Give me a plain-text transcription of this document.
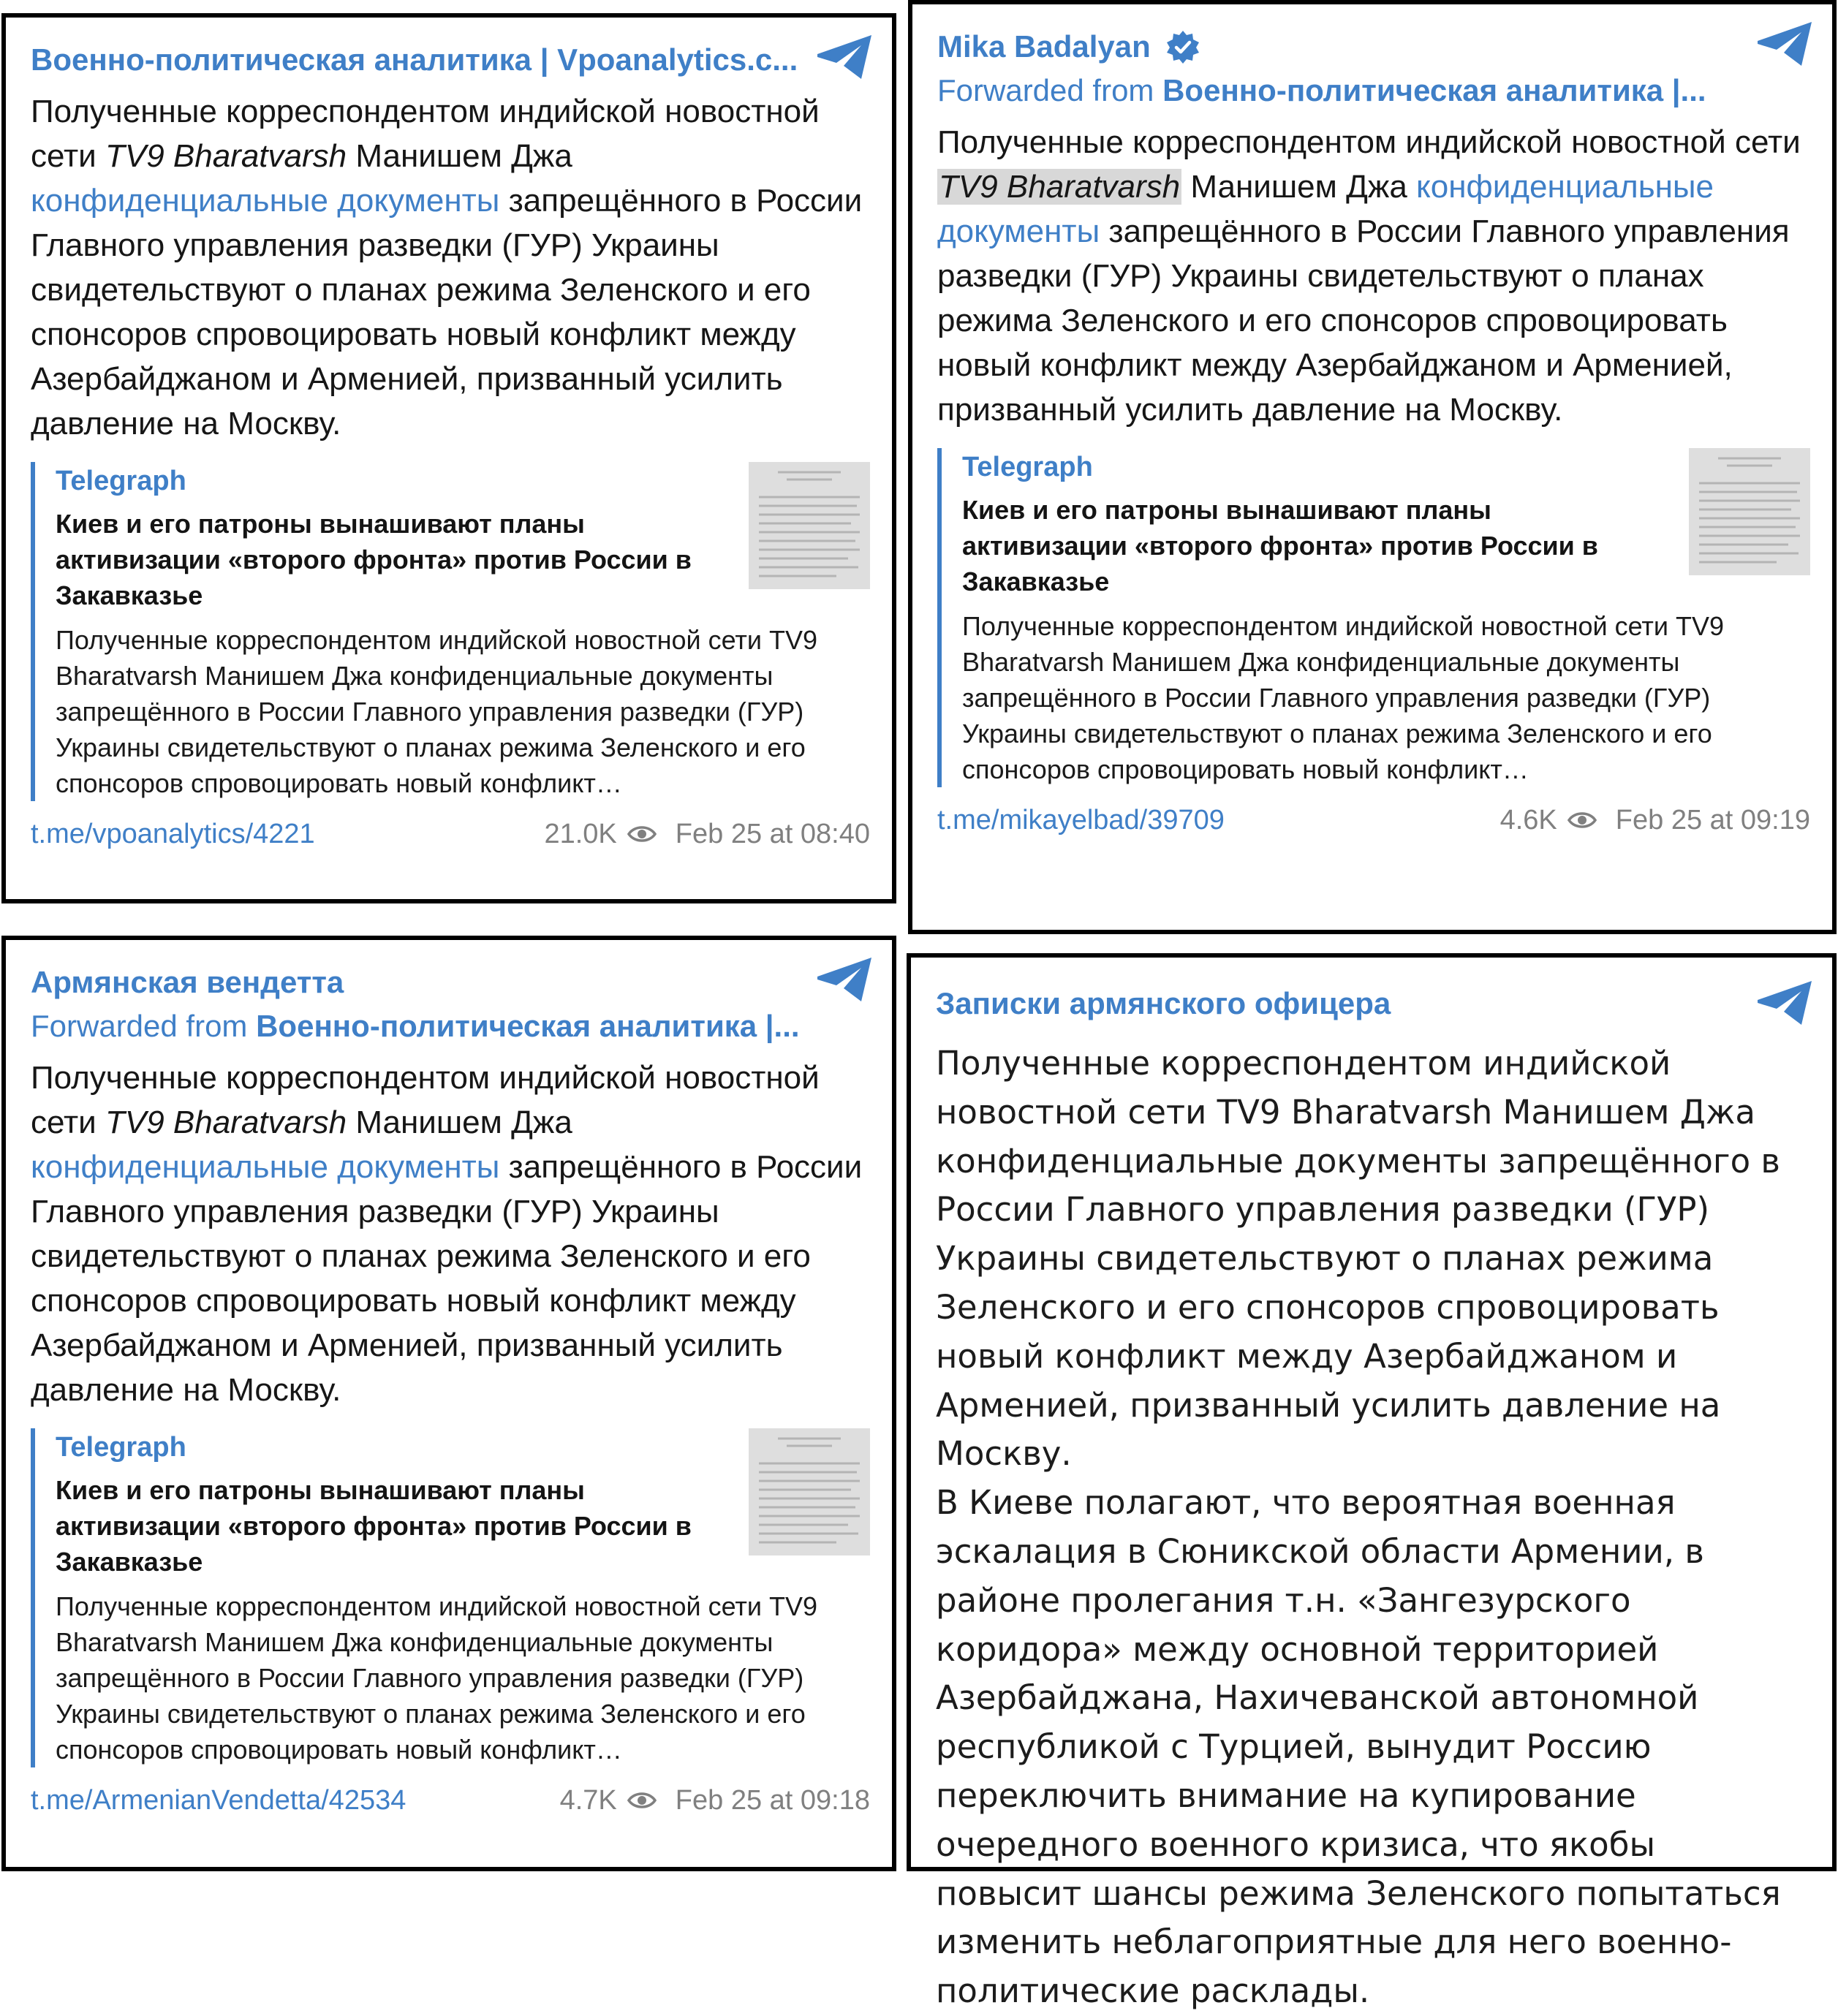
Военно-политическая аналитика | Vpoanalytics.c...
Полученные корреспондентом индийской новостной сети TV9 Bharatvarsh Манишем Джа конфиденциальные документы запрещённого в России Главного управления разведки (ГУР) Украины свидетельствуют о планах режима Зеленского и его спонсоров спровоцировать новый конфликт между Азербайджаном и Арменией, призванный усилить давление на Москву.
Telegraph
Киев и его патроны вынашивают планы активизации «второго фронта» против России в Закавказье
Полученные корреспондентом индийской новостной сети TV9 Bharatvarsh Манишем Джа конфиденциальные документы запрещённого в России Главного управления разведки (ГУР) Украины свидетельствуют о планах режима Зеленского и его спонсоров спровоцировать новый конфликт…
t.me/vpoanalytics/4221	21.0K Feb 25 at 08:40
Mika Badalyan
Forwarded from Военно-политическая аналитика |...
Полученные корреспондентом индийской новостной сети TV9 Bharatvarsh Манишем Джа конфиденциальные документы запрещённого в России Главного управления разведки (ГУР) Украины свидетельствуют о планах режима Зеленского и его спонсоров спровоцировать новый конфликт между Азербайджаном и Арменией, призванный усилить давление на Москву.
Telegraph
Киев и его патроны вынашивают планы активизации «второго фронта» против России в Закавказье
Полученные корреспондентом индийской новостной сети TV9 Bharatvarsh Манишем Джа конфиденциальные документы запрещённого в России Главного управления разведки (ГУР) Украины свидетельствуют о планах режима Зеленского и его спонсоров спровоцировать новый конфликт…
t.me/mikayelbad/39709	4.6K Feb 25 at 09:19
Армянская вендетта
Forwarded from Военно-политическая аналитика |...
Полученные корреспондентом индийской новостной сети TV9 Bharatvarsh Манишем Джа конфиденциальные документы запрещённого в России Главного управления разведки (ГУР) Украины свидетельствуют о планах режима Зеленского и его спонсоров спровоцировать новый конфликт между Азербайджаном и Арменией, призванный усилить давление на Москву.
Telegraph
Киев и его патроны вынашивают планы активизации «второго фронта» против России в Закавказье
Полученные корреспондентом индийской новостной сети TV9 Bharatvarsh Манишем Джа конфиденциальные документы запрещённого в России Главного управления разведки (ГУР) Украины свидетельствуют о планах режима Зеленского и его спонсоров спровоцировать новый конфликт…
t.me/ArmenianVendetta/42534	4.7K Feb 25 at 09:18
Записки армянского офицера

Полученные корреспондентом индийской новостной сети TV9 Bharatvarsh Манишем Джа конфиденциальные документы запрещённого в России Главного управления разведки (ГУР) Украины свидетельствуют о планах режима Зеленского и его спонсоров спровоцировать новый конфликт между Азербайджаном и Арменией, призванный усилить давление на Москву.

В Киеве полагают, что вероятная военная эскалация в Сюникской области Армении, в районе пролегания т.н. «Зангезурского коридора» между основной территорией Азербайджана, Нахичеванской автономной республикой с Турцией, вынудит Россию переключить внимание на купирование очередного военного кризиса, что якобы повысит шансы режима Зеленского попытаться изменить неблагоприятные для него военно-политические расклады.
